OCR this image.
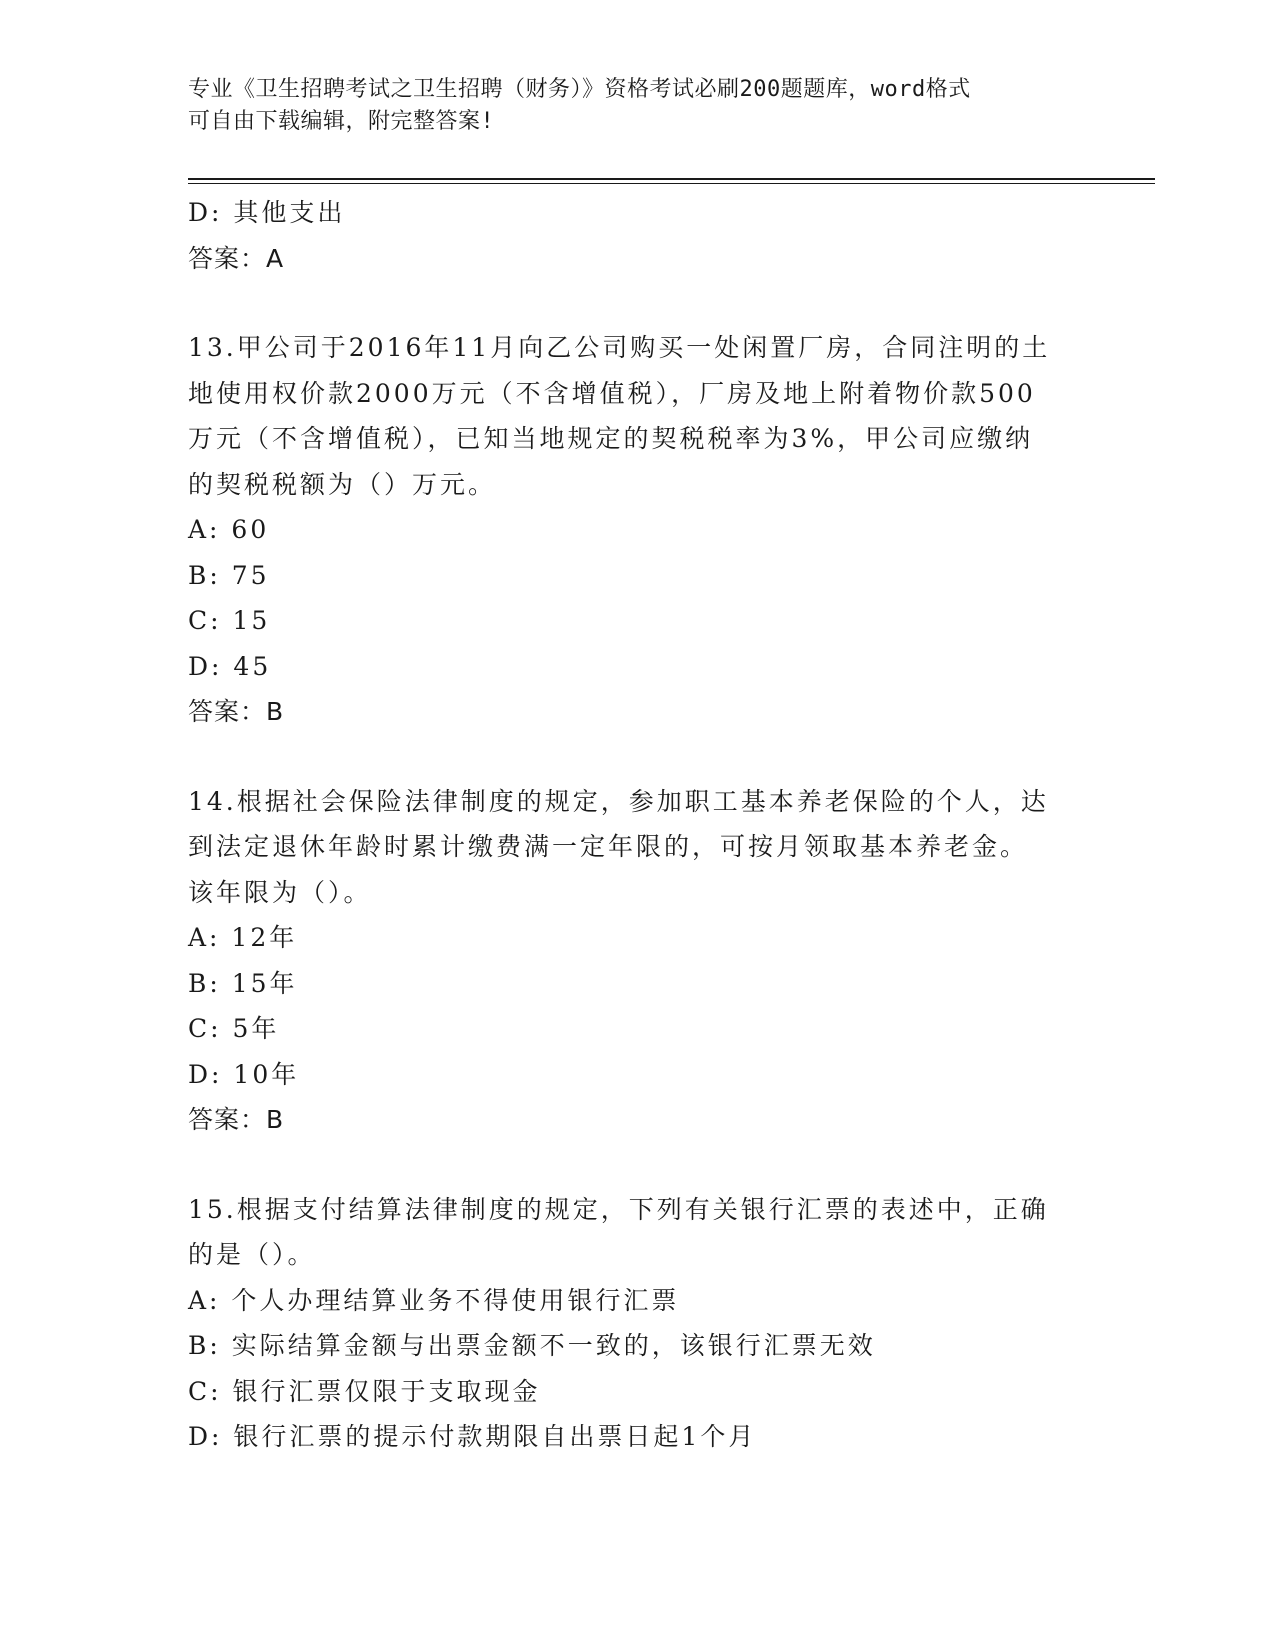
专业《卫生招聘考试之卫生招聘（财务）》资格考试必刷200题题库，word格式
可自由下载编辑，附完整答案!
D: 其他支出
答案：A
13.甲公司于2016年11月向乙公司购买一处闲置厂房，合同注明的土
地使用权价款2000万元（不含增值税），厂房及地上附着物价款500
万元（不含增值税），已知当地规定的契税税率为3%，甲公司应缴纳
的契税税额为（）万元。
A: 60
B: 75
C: 15
D: 45
答案：B
14.根据社会保险法律制度的规定，参加职工基本养老保险的个人，达
到法定退休年龄时累计缴费满一定年限的，可按月领取基本养老金。
该年限为（）。
A: 12年
B: 15年
C: 5年
D: 10年
答案：B
15.根据支付结算法律制度的规定，下列有关银行汇票的表述中，正确
的是（）。
A: 个人办理结算业务不得使用银行汇票
B: 实际结算金额与出票金额不一致的，该银行汇票无效
C: 银行汇票仅限于支取现金
D: 银行汇票的提示付款期限自出票日起1个月
